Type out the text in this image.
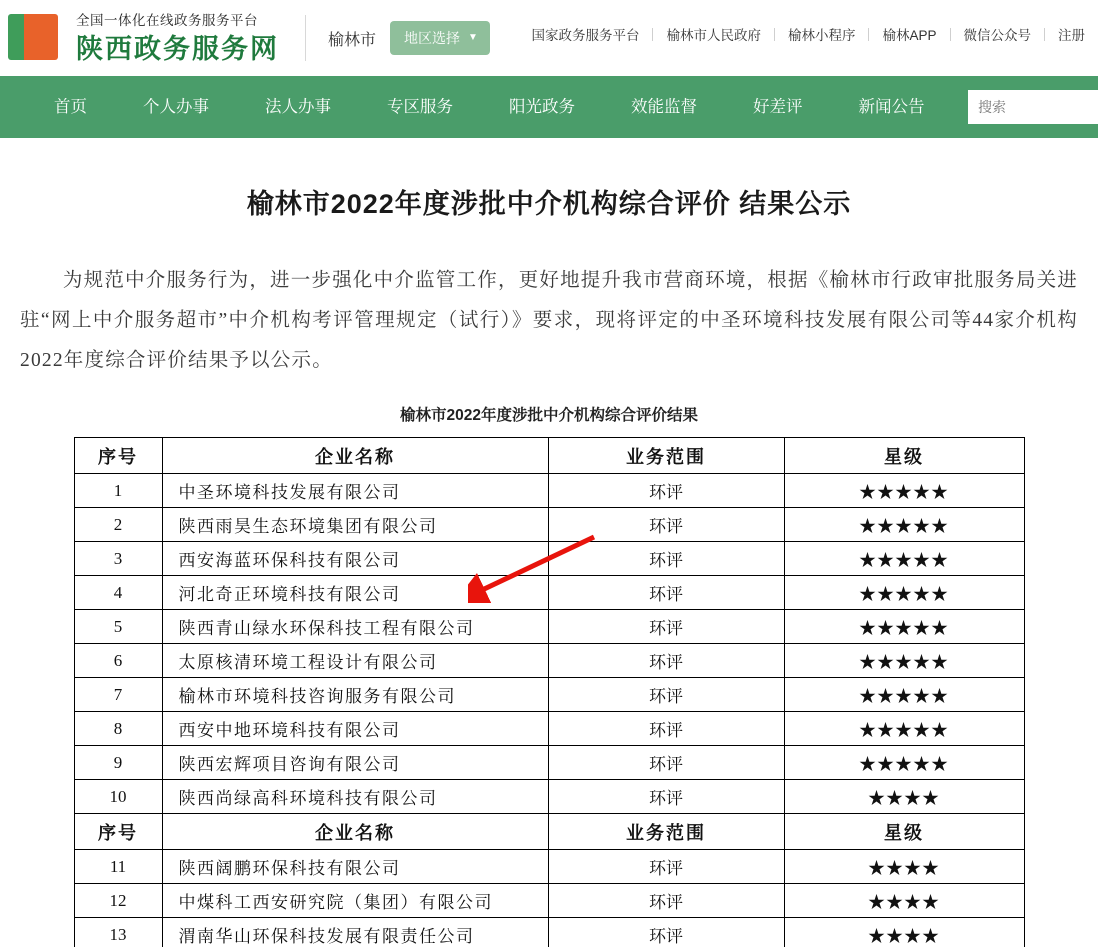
全国一体化在线政务服务平台
陕西政务服务网	榆林市 地区选择 ▼	国家政务服务平台	榆林市人民政府	榆林小程序	榆林APP	微信公众号	注册
首页	个人办事	法人办事	专区服务	阳光政务	效能监督	好差评	新闻公告
搜索
榆林市2022年度涉批中介机构综合评价 结果公示
为规范中介服务行为，进一步强化中介监管工作，更好地提升我市营商环境，根据《榆林市行政审批服务局关进驻“网上中介服务超市”中介机构考评管理规定（试行）》要求，现将评定的中圣环境科技发展有限公司等44家介机构2022年度综合评价结果予以公示。
榆林市2022年度涉批中介机构综合评价结果
序号	企业名称	业务范围	星级
1	中圣环境科技发展有限公司	环评	★★★★★
2	陕西雨昊生态环境集团有限公司	环评	★★★★★
3	西安海蓝环保科技有限公司	环评	★★★★★
4	河北奇正环境科技有限公司	环评	★★★★★
5	陕西青山绿水环保科技工程有限公司	环评	★★★★★
6	太原核清环境工程设计有限公司	环评	★★★★★
7	榆林市环境科技咨询服务有限公司	环评	★★★★★
8	西安中地环境科技有限公司	环评	★★★★★
9	陕西宏辉项目咨询有限公司	环评	★★★★★
10	陕西尚绿高科环境科技有限公司	环评	★★★★
序号	企业名称	业务范围	星级
11	陕西阔鹏环保科技有限公司	环评	★★★★
12	中煤科工西安研究院（集团）有限公司	环评	★★★★
13	渭南华山环保科技发展有限责任公司	环评	★★★★
